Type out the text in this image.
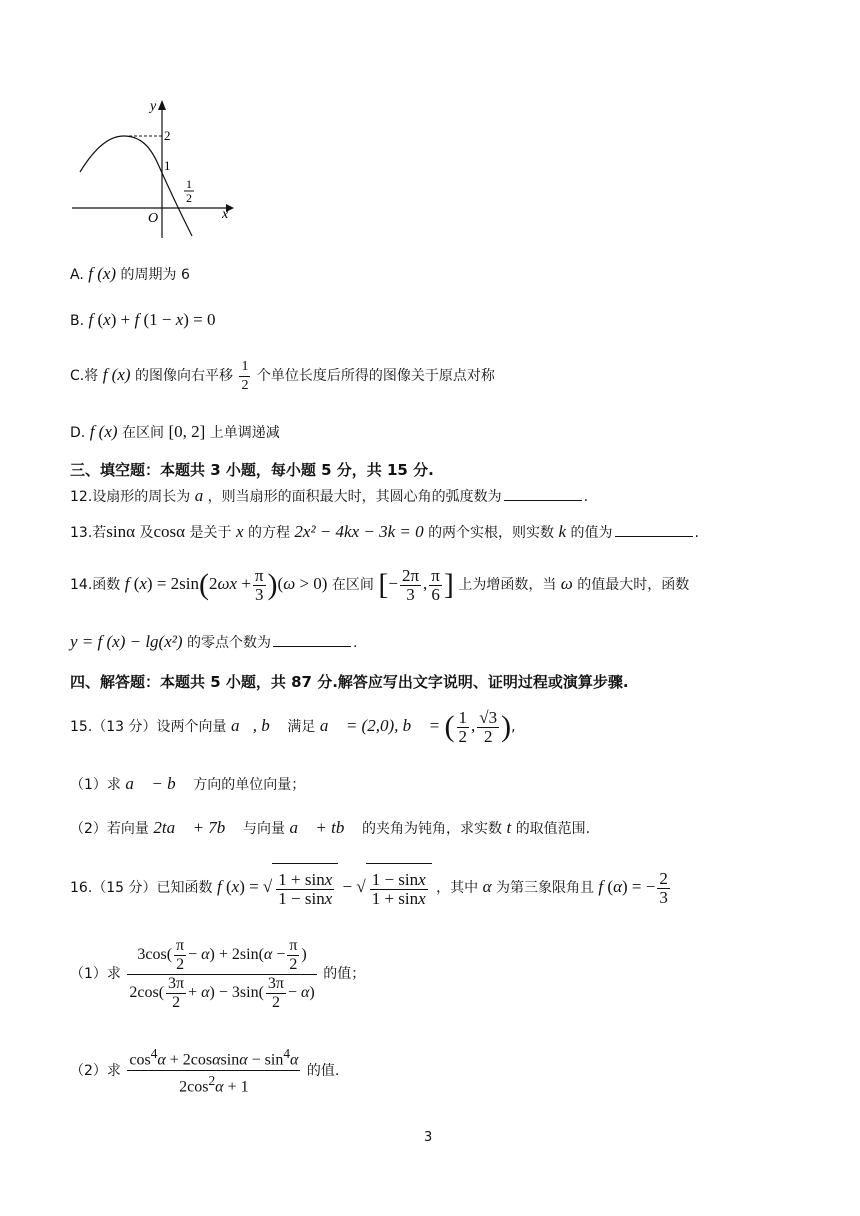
y
x
O
2
1
1
2
A. f (x) 的周期为 6
B. f (x) + f (1 − x) = 0
C.将 f (x) 的图像向右平移 $\frac{1}{2}$ 个单位长度后所得的图像关于原点对称
D. f (x) 在区间 [0, 2] 上单调递减
三、填空题：本题共 3 小题，每小题 5 分，共 15 分.
12.设扇形的周长为 a ，则当扇形的面积最大时，其圆心角的弧度数为	.
13.若sinα 及cosα 是关于 x 的方程 2x² − 4kx − 3k = 0 的两个实根，则实数 k 的值为	.
14.函数 f $(x) = 2\sin(2\omega x + \frac{\pi}{3} )(\omega > 0)$ 在区间 [− $\frac{2\pi}{3}$ , $\frac{\pi}{6}$ ] 上为增函数，当 ω 的值最大时，函数
y = f (x) − lg(x²) 的零点个数为	.
四、解答题：本题共 5 小题，共 87 分.解答应写出文字说明、证明过程或演算步骤.
15.（13 分）设两个向量 a⃗, b⃗ 满足 a⃗ = (2,0), b⃗ = ( $\frac{1}{2}$ , $\frac{√3}{2}$ ),
（1）求 a⃗ − b⃗ 方向的单位向量；
（2）若向量 2ta⃗ + 7b⃗ 与向量 a⃗ + tb⃗ 的夹角为钝角，求实数 t 的取值范围.
16.（15 分）已知函数 f (x) = √ $\frac{1 + \sin x}{1 - \sin x}$ − √ $\frac{1 - \sin x}{1 + \sin x}$ ，其中 α 为第三象限角且 f (α) = − $\frac{2}{3}$
（1）求 $\frac{3\cos( \frac{\pi}{2} - \alpha) + 2\sin(\alpha - \frac{\pi}{2} )}{2\cos( \frac{3\pi}{2} + \alpha) - 3\sin( \frac{3\pi}{2} - \alpha)}$ 的值；
（2）求 $\frac{\cos^4\alpha + 2\cos\alpha\sin\alpha - \sin^4\alpha}{2\cos^2\alpha + 1}$ 的值.
3
